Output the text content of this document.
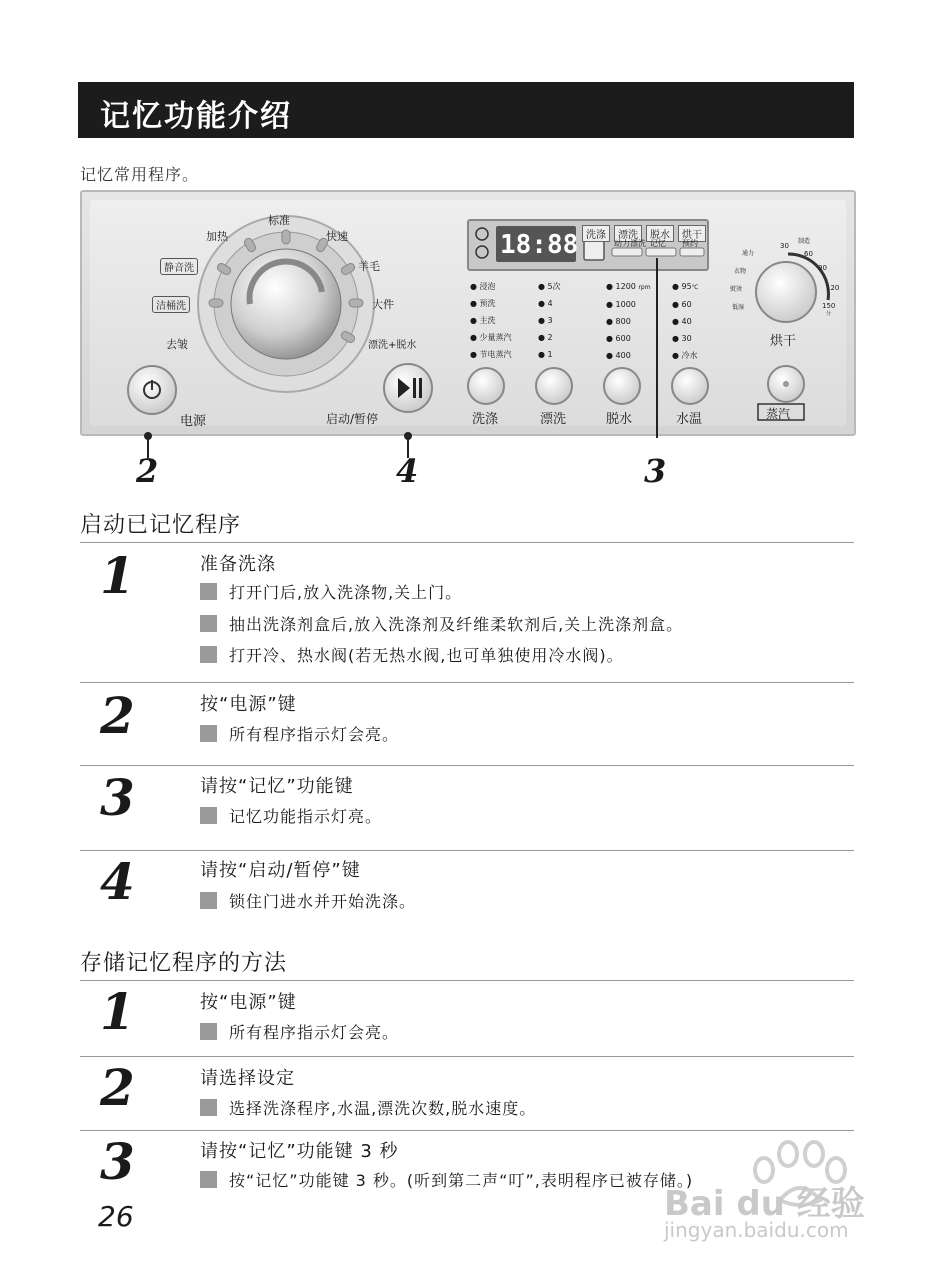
记忆功能介绍
记忆常用程序。
标准
快速
羊毛
大件
漂洗+脱水
去皱
洁桶洗
静音洗
加热	18:88 洗涤	漂洗	脱水	烘干
动力漂洗 记忆 预约
● 浸泡
● 预洗
● 主洗
● 少量蒸汽
● 节电蒸汽
● 5次
● 4
● 3
● 2
● 1
● 1200 rpm
● 1000
● 800
● 600
● 400
● 95℃
● 60
● 40
● 30
● 冷水
通力
制造
衣物
熨烫
低湿
30
60
90
120
150
分
电源	启动/暂停	洗涤	漂洗	脱水	水温
烘干
蒸汽
2	4	3
启动已记忆程序
1	准备洗涤
打开门后,放入洗涤物,关上门。
抽出洗涤剂盒后,放入洗涤剂及纤维柔软剂后,关上洗涤剂盒。
打开冷、热水阀(若无热水阀,也可单独使用冷水阀)。
2	按“电源”键
所有程序指示灯会亮。
3	请按“记忆”功能键
记忆功能指示灯亮。
4	请按“启动/暂停”键
锁住门进水并开始洗涤。
存储记忆程序的方法
1	按“电源”键
所有程序指示灯会亮。
2	请选择设定
选择洗涤程序,水温,漂洗次数,脱水速度。
3	请按“记忆”功能键 3 秒
按“记忆”功能键 3 秒。(听到第二声“叮”,表明程序已被存储。)
26	Bai du 经验
jingyan.baidu.com
